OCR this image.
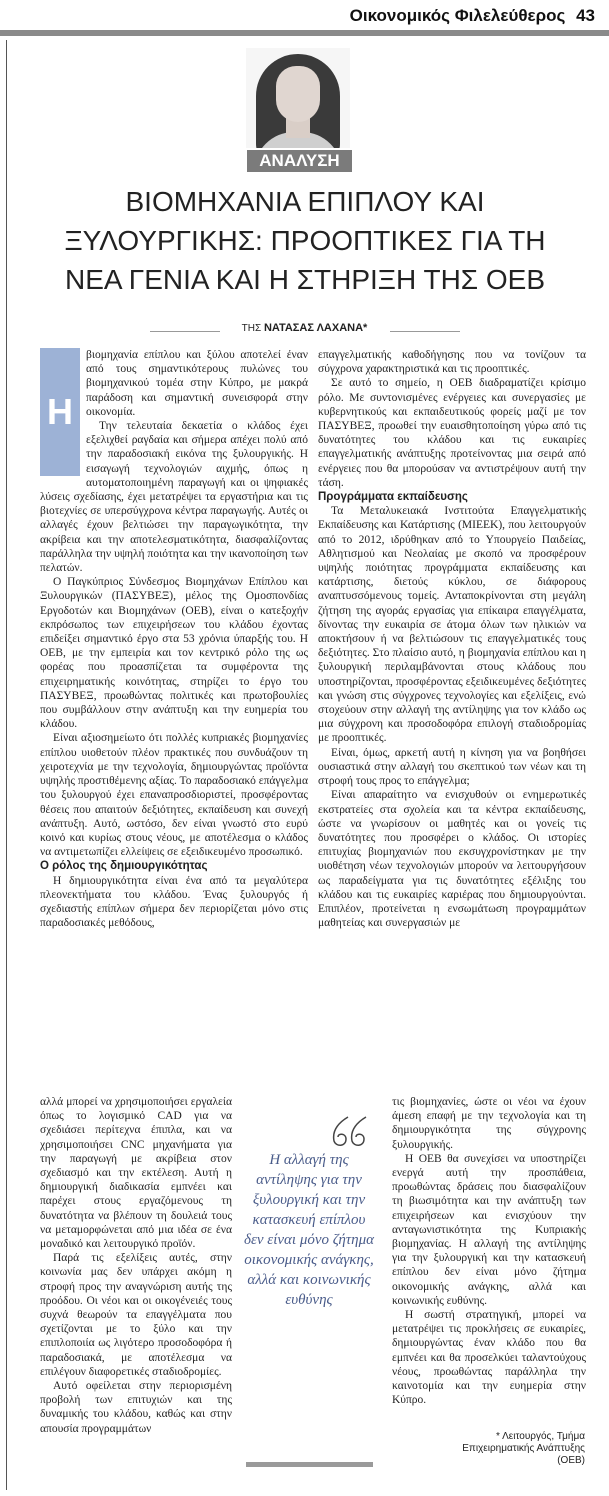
Οικονομικός Φιλελεύθερος 43
ΑΝΑΛΥΣΗ
ΒΙΟΜΗΧΑΝΙΑ ΕΠΙΠΛΟΥ ΚΑΙ ΞΥΛΟΥΡΓΙΚΗΣ: ΠΡΟΟΠΤΙΚΕΣ ΓΙΑ ΤΗ ΝΕΑ ΓΕΝΙΑ ΚΑΙ Η ΣΤΗΡΙΞΗ ΤΗΣ ΟΕΒ
ΤΗΣ ΝΑΤΑΣΑΣ ΛΑΧΑΝΑ*
Η

βιομηχανία επίπλου και ξύλου αποτελεί έναν από τους σημαντικότερους πυλώνες του βιομηχανικού τομέα στην Κύπρο, με μακρά παράδοση και σημαντική συνεισφορά στην οικονομία.

Την τελευταία δεκαετία ο κλάδος έχει εξελιχθεί ραγδαία και σήμερα απέχει πολύ από την παραδοσιακή εικόνα της ξυλουργικής. Η εισαγωγή τεχνολογιών αιχμής, όπως η αυτοματοποιημένη παραγωγή και οι ψηφιακές λύσεις σχεδίασης, έχει μετατρέψει τα εργαστήρια και τις βιοτεχνίες σε υπερσύγχρονα κέντρα παραγωγής. Αυτές οι αλλαγές έχουν βελτιώσει την παραγωγικότητα, την ακρίβεια και την αποτελεσματικότητα, διασφαλίζοντας παράλληλα την υψηλή ποιότητα και την ικανοποίηση των πελατών.

Ο Παγκύπριος Σύνδεσμος Βιομηχάνων Επίπλου και Ξυλουργικών (ΠΑΣΥΒΕΞ), μέλος της Ομοσπονδίας Εργοδοτών και Βιομηχάνων (ΟΕΒ), είναι ο κατεξοχήν εκπρόσωπος των επιχειρήσεων του κλάδου έχοντας επιδείξει σημαντικό έργο στα 53 χρόνια ύπαρξής του. Η ΟΕΒ, με την εμπειρία και τον κεντρικό ρόλο της ως φορέας που προασπίζεται τα συμφέροντα της επιχειρηματικής κοινότητας, στηρίζει το έργο του ΠΑΣΥΒΕΞ, προωθώντας πολιτικές και πρωτοβουλίες που συμβάλλουν στην ανάπτυξη και την ευημερία του κλάδου.

Είναι αξιοσημείωτο ότι πολλές κυπριακές βιομηχανίες επίπλου υιοθετούν πλέον πρακτικές που συνδυάζουν τη χειροτεχνία με την τεχνολογία, δημιουργώντας προϊόντα υψηλής προστιθέμενης αξίας. Το παραδοσιακό επάγγελμα του ξυλουργού έχει επαναπροσδιοριστεί, προσφέροντας θέσεις που απαιτούν δεξιότητες, εκπαίδευση και συνεχή ανάπτυξη. Αυτό, ωστόσο, δεν είναι γνωστό στο ευρύ κοινό και κυρίως στους νέους, με αποτέλεσμα ο κλάδος να αντιμετωπίζει ελλείψεις σε εξειδικευμένο προσωπικό.

Ο ρόλος της δημιουργικότητας

Η δημιουργικότητα είναι ένα από τα μεγαλύτερα πλεονεκτήματα του κλάδου. Ένας ξυλουργός ή σχεδιαστής επίπλων σήμερα δεν περιορίζεται μόνο στις παραδοσιακές μεθόδους,

αλλά μπορεί να χρησιμοποιήσει εργαλεία όπως το λογισμικό CAD για να σχεδιάσει περίτεχνα έπιπλα, και να χρησιμοποιήσει CNC μηχανήματα για την παραγωγή με ακρίβεια στον σχεδιασμό και την εκτέλεση. Αυτή η δημιουργική διαδικασία εμπνέει και παρέχει στους εργαζόμενους τη δυνατότητα να βλέπουν τη δουλειά τους να μεταμορφώνεται από μια ιδέα σε ένα μοναδικό και λειτουργικό προϊόν.

Παρά τις εξελίξεις αυτές, στην κοινωνία μας δεν υπάρχει ακόμη η στροφή προς την αναγνώριση αυτής της προόδου. Οι νέοι και οι οικογένειές τους συχνά θεωρούν τα επαγγέλματα που σχετίζονται με το ξύλο και την επιπλοποιία ως λιγότερο προσοδοφόρα ή παραδοσιακά, με αποτέλεσμα να επιλέγουν διαφορετικές σταδιοδρομίες.

Αυτό οφείλεται στην περιορισμένη προβολή των επιτυχιών και της δυναμικής του κλάδου, καθώς και στην απουσία προγραμμάτων

επαγγελματικής καθοδήγησης που να τονίζουν τα σύγχρονα χαρακτηριστικά και τις προοπτικές.

Σε αυτό το σημείο, η ΟΕΒ διαδραματίζει κρίσιμο ρόλο. Με συντονισμένες ενέργειες και συνεργασίες με κυβερνητικούς και εκπαιδευτικούς φορείς μαζί με τον ΠΑΣΥΒΕΞ, προωθεί την ευαισθητοποίηση γύρω από τις δυνατότητες του κλάδου και τις ευκαιρίες επαγγελματικής ανάπτυξης προτείνοντας μια σειρά από ενέργειες που θα μπορούσαν να αντιστρέψουν αυτή την τάση.

Προγράμματα εκπαίδευσης

Τα Μεταλυκειακά Ινστιτούτα Επαγγελματικής Εκπαίδευσης και Κατάρτισης (ΜΙΕΕΚ), που λειτουργούν από το 2012, ιδρύθηκαν από το Υπουργείο Παιδείας, Αθλητισμού και Νεολαίας με σκοπό να προσφέρουν υψηλής ποιότητας προγράμματα εκπαίδευσης και κατάρτισης, διετούς κύκλου, σε διάφορους αναπτυσσόμενους τομείς. Ανταποκρίνονται στη μεγάλη ζήτηση της αγοράς εργασίας για επίκαιρα επαγγέλματα, δίνοντας την ευκαιρία σε άτομα όλων των ηλικιών να αποκτήσουν ή να βελτιώσουν τις επαγγελματικές τους δεξιότητες. Στο πλαίσιο αυτό, η βιομηχανία επίπλου και η ξυλουργική περιλαμβάνονται στους κλάδους που υποστηρίζονται, προσφέροντας εξειδικευμένες δεξιότητες και γνώση στις σύγχρονες τεχνολογίες και εξελίξεις, ενώ στοχεύουν στην αλλαγή της αντίληψης για τον κλάδο ως μια σύγχρονη και προσοδοφόρα επιλογή σταδιοδρομίας με προοπτικές.

Είναι, όμως, αρκετή αυτή η κίνηση για να βοηθήσει ουσιαστικά στην αλλαγή του σκεπτικού των νέων και τη στροφή τους προς το επάγγελμα;

Είναι απαραίτητο να ενισχυθούν οι ενημερωτικές εκστρατείες στα σχολεία και τα κέντρα εκπαίδευσης, ώστε να γνωρίσουν οι μαθητές και οι γονείς τις δυνατότητες που προσφέρει ο κλάδος. Οι ιστορίες επιτυχίας βιομηχανιών που εκσυγχρονίστηκαν με την υιοθέτηση νέων τεχνολογιών μπορούν να λειτουργήσουν ως παραδείγματα για τις δυνατότητες εξέλιξης του κλάδου και τις ευκαιρίες καριέρας που δημιουργούνται. Επιπλέον, προτείνεται η ενσωμάτωση προγραμμάτων μαθητείας και συνεργασιών με

τις βιομηχανίες, ώστε οι νέοι να έχουν άμεση επαφή με την τεχνολογία και τη δημιουργικότητα της σύγχρονης ξυλουργικής.

Η ΟΕΒ θα συνεχίσει να υποστηρίζει ενεργά αυτή την προσπάθεια, προωθώντας δράσεις που διασφαλίζουν τη βιωσιμότητα και την ανάπτυξη των επιχειρήσεων και ενισχύουν την ανταγωνιστικότητα της Κυπριακής βιομηχανίας. Η αλλαγή της αντίληψης για την ξυλουργική και την κατασκευή επίπλου δεν είναι μόνο ζήτημα οικονομικής ανάγκης, αλλά και κοινωνικής ευθύνης.

Η σωστή στρατηγική, μπορεί να μετατρέψει τις προκλήσεις σε ευκαιρίες, δημιουργώντας έναν κλάδο που θα εμπνέει και θα προσελκύει ταλαντούχους νέους, προωθώντας παράλληλα την καινοτομία και την ευημερία στην Κύπρο.

Η αλλαγή της αντίληψης για την ξυλουργική και την κατασκευή επίπλου δεν είναι μόνο ζήτημα οικονομικής ανάγκης, αλλά και κοινωνικής ευθύνης
* Λειτουργός, Τμήμα
Επιχειρηματικής Ανάπτυξης
(ΟΕΒ)
